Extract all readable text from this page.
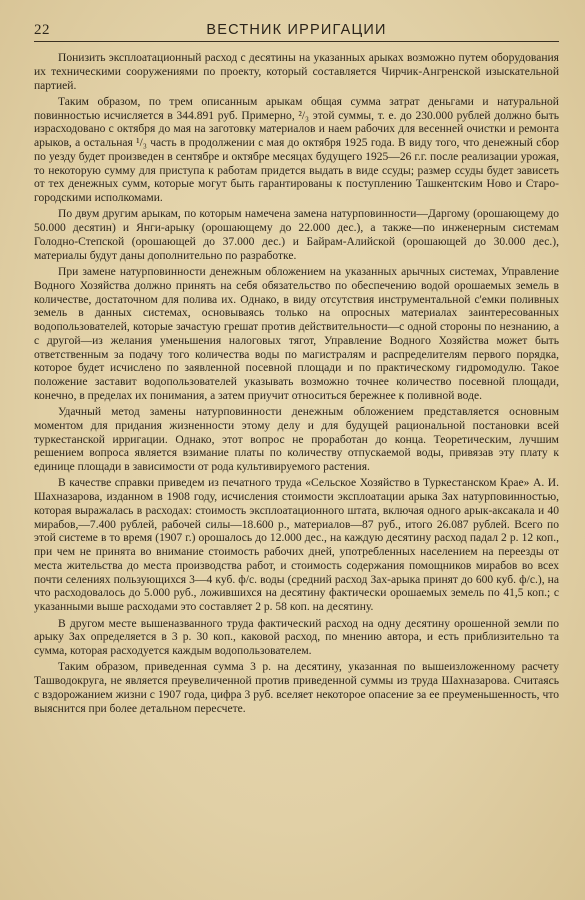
22	ВЕСТНИК ИРРИГАЦИИ

Понизить эксплоатационный расход с десятины на указанных арыках возможно путем оборудования их техническими сооружениями по проекту, который составляется Чирчик-Ангренской изыскательной партией.

Таким образом, по трем описанным арыкам общая сумма затрат деньгами и натуральной повинностью исчисляется в 344.891 руб. Примерно, ²/₃ этой суммы, т. е. до 230.000 рублей должно быть израсходовано с октября до мая на заготовку материалов и наем рабочих для весенней очистки и ремонта арыков, а остальная ¹/₃ часть в продолжении с мая до октября 1925 года. В виду того, что денежный сбор по уезду будет произведен в сентябре и октябре месяцах будущего 1925—26 г.г. после реализации урожая, то некоторую сумму для приступа к работам придется выдать в виде ссуды; размер ссуды будет зависеть от тех денежных сумм, которые могут быть гарантированы к поступлению Ташкентским Ново и Старо-городскими исполкомами.

По двум другим арыкам, по которым намечена замена натурповинности—Даргому (орошающему до 50.000 десятин) и Янги-арыку (орошающему до 22.000 дес.), а также—по инженерным системам Голодно-Степской (орошающей до 37.000 дес.) и Байрам-Алийской (орошающей до 30.000 дес.), материалы будут даны дополнительно по разработке.

При замене натурповинности денежным обложением на указанных арычных системах, Управление Водного Хозяйства должно принять на себя обязательство по обеспечению водой орошаемых земель в количестве, достаточном для полива их. Однако, в виду отсутствия инструментальной с'емки поливных земель в данных системах, основываясь только на опросных материалах заинтересованных водопользователей, которые зачастую грешат против действительности—с одной стороны по незнанию, а с другой—из желания уменьшения налоговых тягот, Управление Водного Хозяйства может быть ответственным за подачу того количества воды по магистралям и распределителям первого порядка, которое будет исчислено по заявленной посевной площади и по практическому гидромодулю. Такое положение заставит водопользователей указывать возможно точнее количество посевной площади, конечно, в пределах их понимания, а затем приучит относиться бережнее к поливной воде.

Удачный метод замены натурповинности денежным обложением представляется основным моментом для придания жизненности этому делу и для будущей рациональной постановки всей туркестанской ирригации. Однако, этот вопрос не проработан до конца. Теоретическим, лучшим решением вопроса является взимание платы по количеству отпускаемой воды, привязав эту плату к единице площади в зависимости от рода культивируемого растения.

В качестве справки приведем из печатного труда «Сельское Хозяйство в Туркестанском Крае» А. И. Шахназарова, изданном в 1908 году, исчисления стоимости эксплоатации арыка Зах натурповинностью, которая выражалась в расходах: стоимость эксплоатационного штата, включая одного арык-аксакала и 40 мирабов,—7.400 рублей, рабочей силы—18.600 р., материалов—87 руб., итого 26.087 рублей. Всего по этой системе в то время (1907 г.) орошалось до 12.000 дес., на каждую десятину расход падал 2 р. 12 коп., при чем не принята во внимание стоимость рабочих дней, употребленных населением на переезды от места жительства до места производства работ, и стоимость содержания помощников мирабов во всех почти селениях пользующихся 3—4 куб. ф/с. воды (средний расход Зах-арыка принят до 600 куб. ф/с.), на что расходовалось до 5.000 руб., ложившихся на десятину фактически орошаемых земель по 41,5 коп.; с указанными выше расходами это составляет 2 р. 58 коп. на десятину.

В другом месте вышеназванного труда фактический расход на одну десятину орошенной земли по арыку Зах определяется в 3 р. 30 коп., каковой расход, по мнению автора, и есть приблизительно та сумма, которая расходуется каждым водопользователем.

Таким образом, приведенная сумма 3 р. на десятину, указанная по вышеизложенному расчету Ташводокруга, не является преувеличенной против приведенной суммы из труда Шахназарова. Считаясь с вздорожанием жизни с 1907 года, цифра 3 руб. вселяет некоторое опасение за ее преуменьшенность, что выяснится при более детальном пересчете.
